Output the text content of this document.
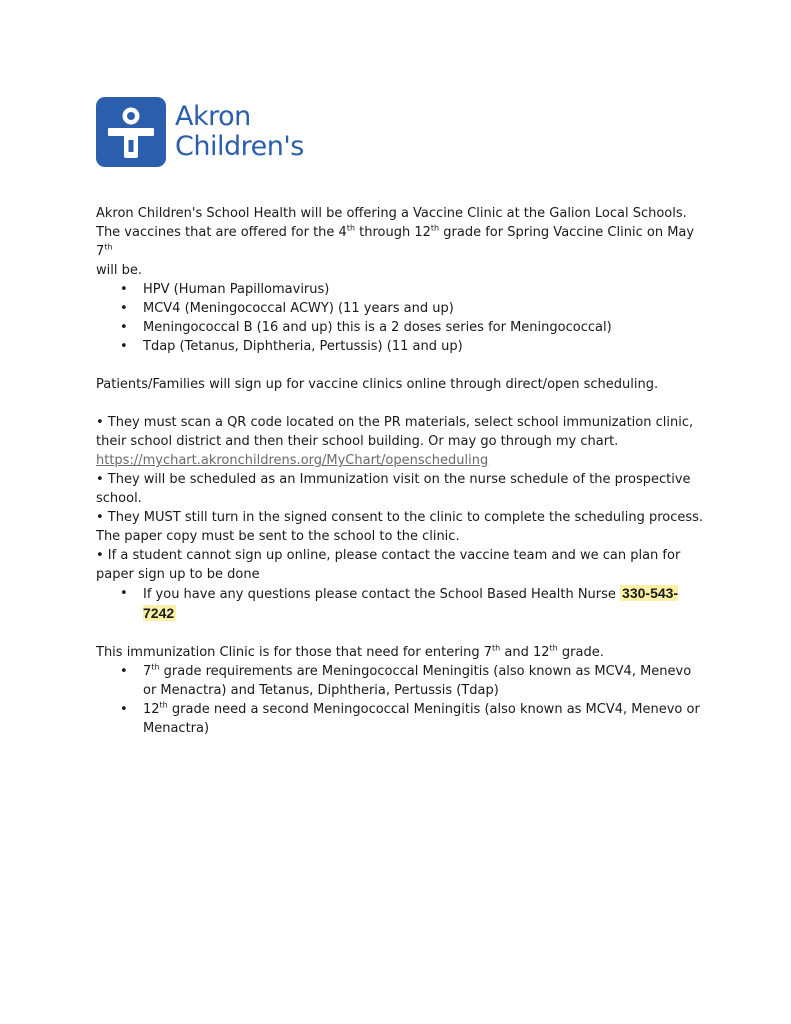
Akron
Children's

Akron Children's School Health will be offering a Vaccine Clinic at the Galion Local Schools.
The vaccines that are offered for the 4th through 12th grade for Spring Vaccine Clinic on May 7th
will be.

• HPV (Human Papillomavirus)
• MCV4 (Meningococcal ACWY) (11 years and up)
• Meningococcal B (16 and up) this is a 2 doses series for Meningococcal)
• Tdap (Tetanus, Diphtheria, Pertussis) (11 and up)

Patients/Families will sign up for vaccine clinics online through direct/open scheduling.

• They must scan a QR code located on the PR materials, select school immunization clinic, their school district and then their school building. Or may go through my chart.

https://mychart.akronchildrens.org/MyChart/openscheduling

• They will be scheduled as an Immunization visit on the nurse schedule of the prospective school.

• They MUST still turn in the signed consent to the clinic to complete the scheduling process.

The paper copy must be sent to the school to the clinic.

• If a student cannot sign up online, please contact the vaccine team and we can plan for paper sign up to be done

• If you have any questions please contact the School Based Health Nurse 330-543-7242

This immunization Clinic is for those that need for entering 7th and 12th grade.

• 7th grade requirements are Meningococcal Meningitis (also known as MCV4, Menevo or Menactra) and Tetanus, Diphtheria, Pertussis (Tdap)
• 12th grade need a second Meningococcal Meningitis (also known as MCV4, Menevo or Menactra)
